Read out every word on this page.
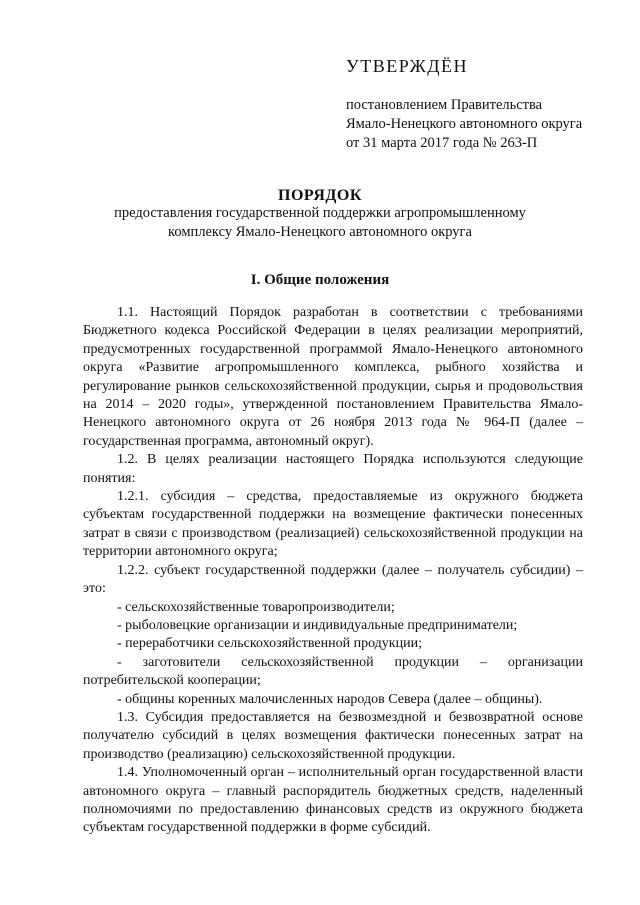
УТВЕРЖДЁН
постановлением Правительства
Ямало-Ненецкого автономного округа
от 31 марта 2017 года № 263-П
ПОРЯДОК
предоставления государственной поддержки агропромышленному
комплексу Ямало-Ненецкого автономного округа
I. Общие положения

1.1. Настоящий Порядок разработан в соответствии с требованиями Бюджетного кодекса Российской Федерации в целях реализации мероприятий, предусмотренных государственной программой Ямало-Ненецкого автономного округа «Развитие агропромышленного комплекса, рыбного хозяйства и регулирование рынков сельскохозяйственной продукции, сырья и продовольствия на 2014 – 2020 годы», утвержденной постановлением Правительства Ямало-Ненецкого автономного округа от 26 ноября 2013 года № 964-П (далее – государственная программа, автономный округ).

1.2. В целях реализации настоящего Порядка используются следующие понятия:

1.2.1. субсидия – средства, предоставляемые из окружного бюджета субъектам государственной поддержки на возмещение фактически понесенных затрат в связи с производством (реализацией) сельскохозяйственной продукции на территории автономного округа;

1.2.2. субъект государственной поддержки (далее – получатель субсидии) – это:

- сельскохозяйственные товаропроизводители;

- рыболовецкие организации и индивидуальные предприниматели;

- переработчики сельскохозяйственной продукции;

- заготовители сельскохозяйственной продукции – организации потребительской кооперации;

- общины коренных малочисленных народов Севера (далее – общины).

1.3. Субсидия предоставляется на безвозмездной и безвозвратной основе получателю субсидий в целях возмещения фактически понесенных затрат на производство (реализацию) сельскохозяйственной продукции.

1.4. Уполномоченный орган – исполнительный орган государственной власти автономного округа – главный распорядитель бюджетных средств, наделенный полномочиями по предоставлению финансовых средств из окружного бюджета субъектам государственной поддержки в форме субсидий.
